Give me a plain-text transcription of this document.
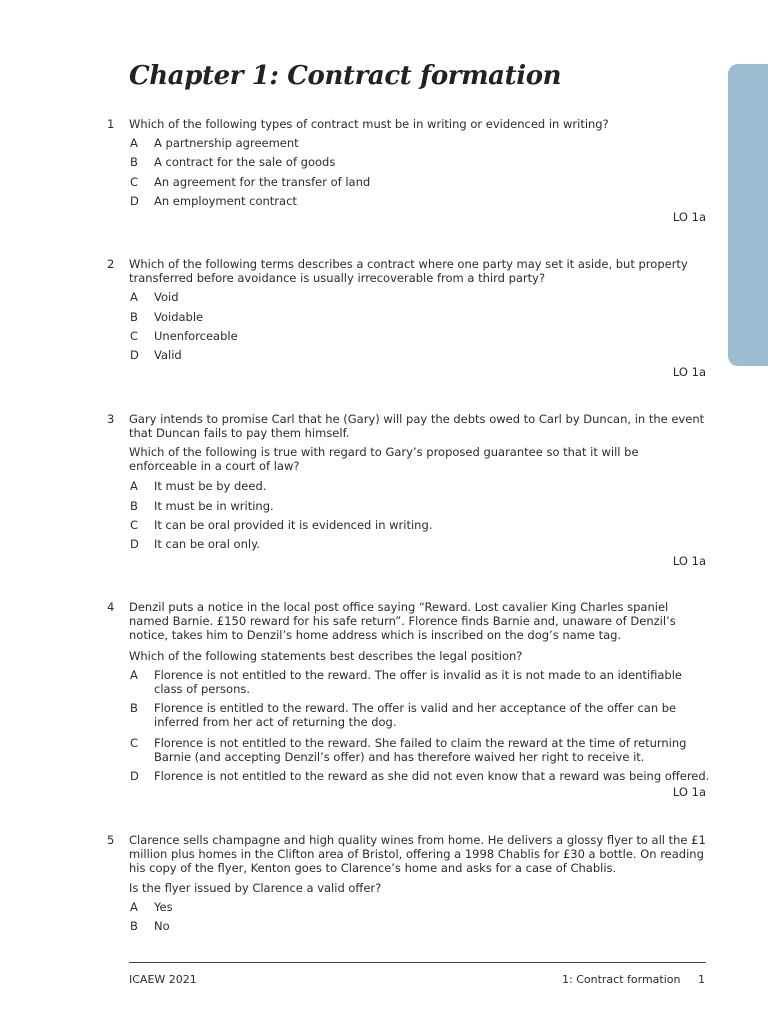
Chapter 1: Contract formation
1 Which of the following types of contract must be in writing or evidenced in writing?
A A partnership agreement
B A contract for the sale of goods
C An agreement for the transfer of land
D An employment contract
LO 1a
2 Which of the following terms describes a contract where one party may set it aside, but property transferred before avoidance is usually irrecoverable from a third party?
A Void
B Voidable
C Unenforceable
D Valid
LO 1a
3 Gary intends to promise Carl that he (Gary) will pay the debts owed to Carl by Duncan, in the event that Duncan fails to pay them himself.
Which of the following is true with regard to Gary’s proposed guarantee so that it will be enforceable in a court of law?
A It must be by deed.
B It must be in writing.
C It can be oral provided it is evidenced in writing.
D It can be oral only.
LO 1a
4 Denzil puts a notice in the local post office saying “Reward. Lost cavalier King Charles spaniel named Barnie. £150 reward for his safe return”. Florence finds Barnie and, unaware of Denzil’s notice, takes him to Denzil’s home address which is inscribed on the dog’s name tag.
Which of the following statements best describes the legal position?
A Florence is not entitled to the reward. The offer is invalid as it is not made to an identifiable class of persons.
B Florence is entitled to the reward. The offer is valid and her acceptance of the offer can be inferred from her act of returning the dog.
C Florence is not entitled to the reward. She failed to claim the reward at the time of returning Barnie (and accepting Denzil’s offer) and has therefore waived her right to receive it.
D Florence is not entitled to the reward as she did not even know that a reward was being offered.
LO 1a
5 Clarence sells champagne and high quality wines from home. He delivers a glossy flyer to all the £1 million plus homes in the Clifton area of Bristol, offering a 1998 Chablis for £30 a bottle. On reading his copy of the flyer, Kenton goes to Clarence’s home and asks for a case of Chablis.
Is the flyer issued by Clarence a valid offer?
A Yes
B No
ICAEW 2021	1: Contract formation 1
